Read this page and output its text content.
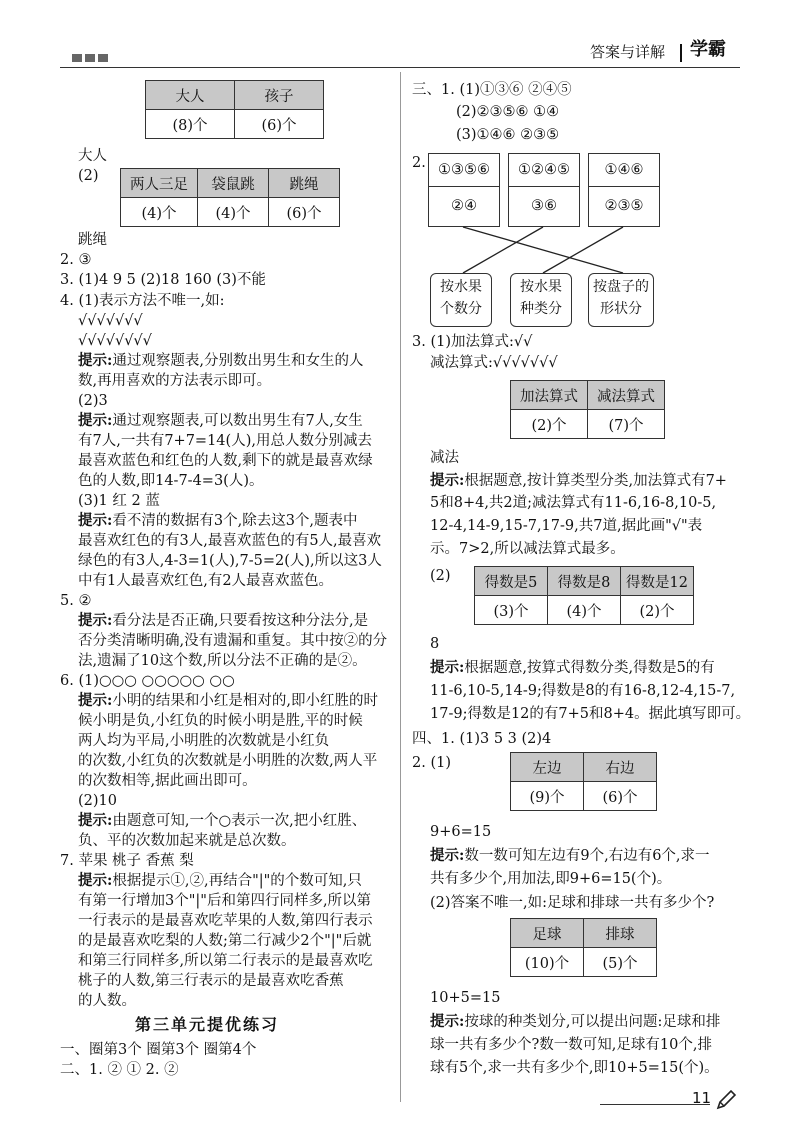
答案与详解 学霸
大人	孩子
(8)个	(6)个
大人
(2)
两人三足	袋鼠跳	跳绳
(4)个	(4)个	(6)个
跳绳
2. ③
3. (1)4 9 5 (2)18 160 (3)不能
4. (1)表示方法不唯一,如:
√√√√√√√
√√√√√√√√
提示:通过观察题表,分别数出男生和女生的人
数,再用喜欢的方法表示即可。
(2)3
提示:通过观察题表,可以数出男生有7人,女生
有7人,一共有7+7=14(人),用总人数分别减去
最喜欢蓝色和红色的人数,剩下的就是最喜欢绿
色的人数,即14-7-4=3(人)。
(3)1 红 2 蓝
提示:看不清的数据有3个,除去这3个,题表中
最喜欢红色的有3人,最喜欢蓝色的有5人,最喜欢
绿色的有3人,4-3=1(人),7-5=2(人),所以这3人
中有1人最喜欢红色,有2人最喜欢蓝色。
5. ②
提示:看分法是否正确,只要看按这种分法分,是
否分类清晰明确,没有遗漏和重复。其中按②的分
法,遗漏了10这个数,所以分法不正确的是②。
6. (1)○○○ ○○○○○ ○○
提示:小明的结果和小红是相对的,即小红胜的时
候小明是负,小红负的时候小明是胜,平的时候
两人均为平局,小明胜的次数就是小红负
的次数,小红负的次数就是小明胜的次数,两人平
的次数相等,据此画出即可。
(2)10
提示:由题意可知,一个○表示一次,把小红胜、
负、平的次数加起来就是总次数。
7. 苹果 桃子 香蕉 梨
提示:根据提示①,②,再结合"|"的个数可知,只
有第一行增加3个"|"后和第四行同样多,所以第
一行表示的是最喜欢吃苹果的人数,第四行表示
的是最喜欢吃梨的人数;第二行减少2个"|"后就
和第三行同样多,所以第二行表示的是最喜欢吃
桃子的人数,第三行表示的是最喜欢吃香蕉
的人数。
第三单元提优练习
一、圈第3个 圈第3个 圈第4个
二、1. ② ① 2. ②
三、1. (1)①③⑥ ②④⑤
(2)②③⑤⑥ ①④
(3)①④⑥ ②③⑤
2. ①③⑤⑥
②④
①②④⑤
③⑥
①④⑥
②③⑤
按水果
个数分
按水果
种类分
按盘子的
形状分
3. (1)加法算式:√√
减法算式:√√√√√√√
加法算式	减法算式
(2)个	(7)个
减法
提示:根据题意,按计算类型分类,加法算式有7+
5和8+4,共2道;减法算式有11-6,16-8,10-5,
12-4,14-9,15-7,17-9,共7道,据此画"√"表
示。7>2,所以减法算式最多。
(2) 得数是5	得数是8	得数是12
(3)个	(4)个	(2)个
8
提示:根据题意,按算式得数分类,得数是5的有
11-6,10-5,14-9;得数是8的有16-8,12-4,15-7,
17-9;得数是12的有7+5和8+4。据此填写即可。
四、1. (1)3 5 3 (2)4
2. (1)	左边	右边
(9)个	(6)个
9+6=15
提示:数一数可知左边有9个,右边有6个,求一
共有多少个,用加法,即9+6=15(个)。
(2)答案不唯一,如:足球和排球一共有多少个?
足球	排球
(10)个	(5)个
10+5=15
提示:按球的种类划分,可以提出问题:足球和排
球一共有多少个?数一数可知,足球有10个,排
球有5个,求一共有多少个,即10+5=15(个)。
11
